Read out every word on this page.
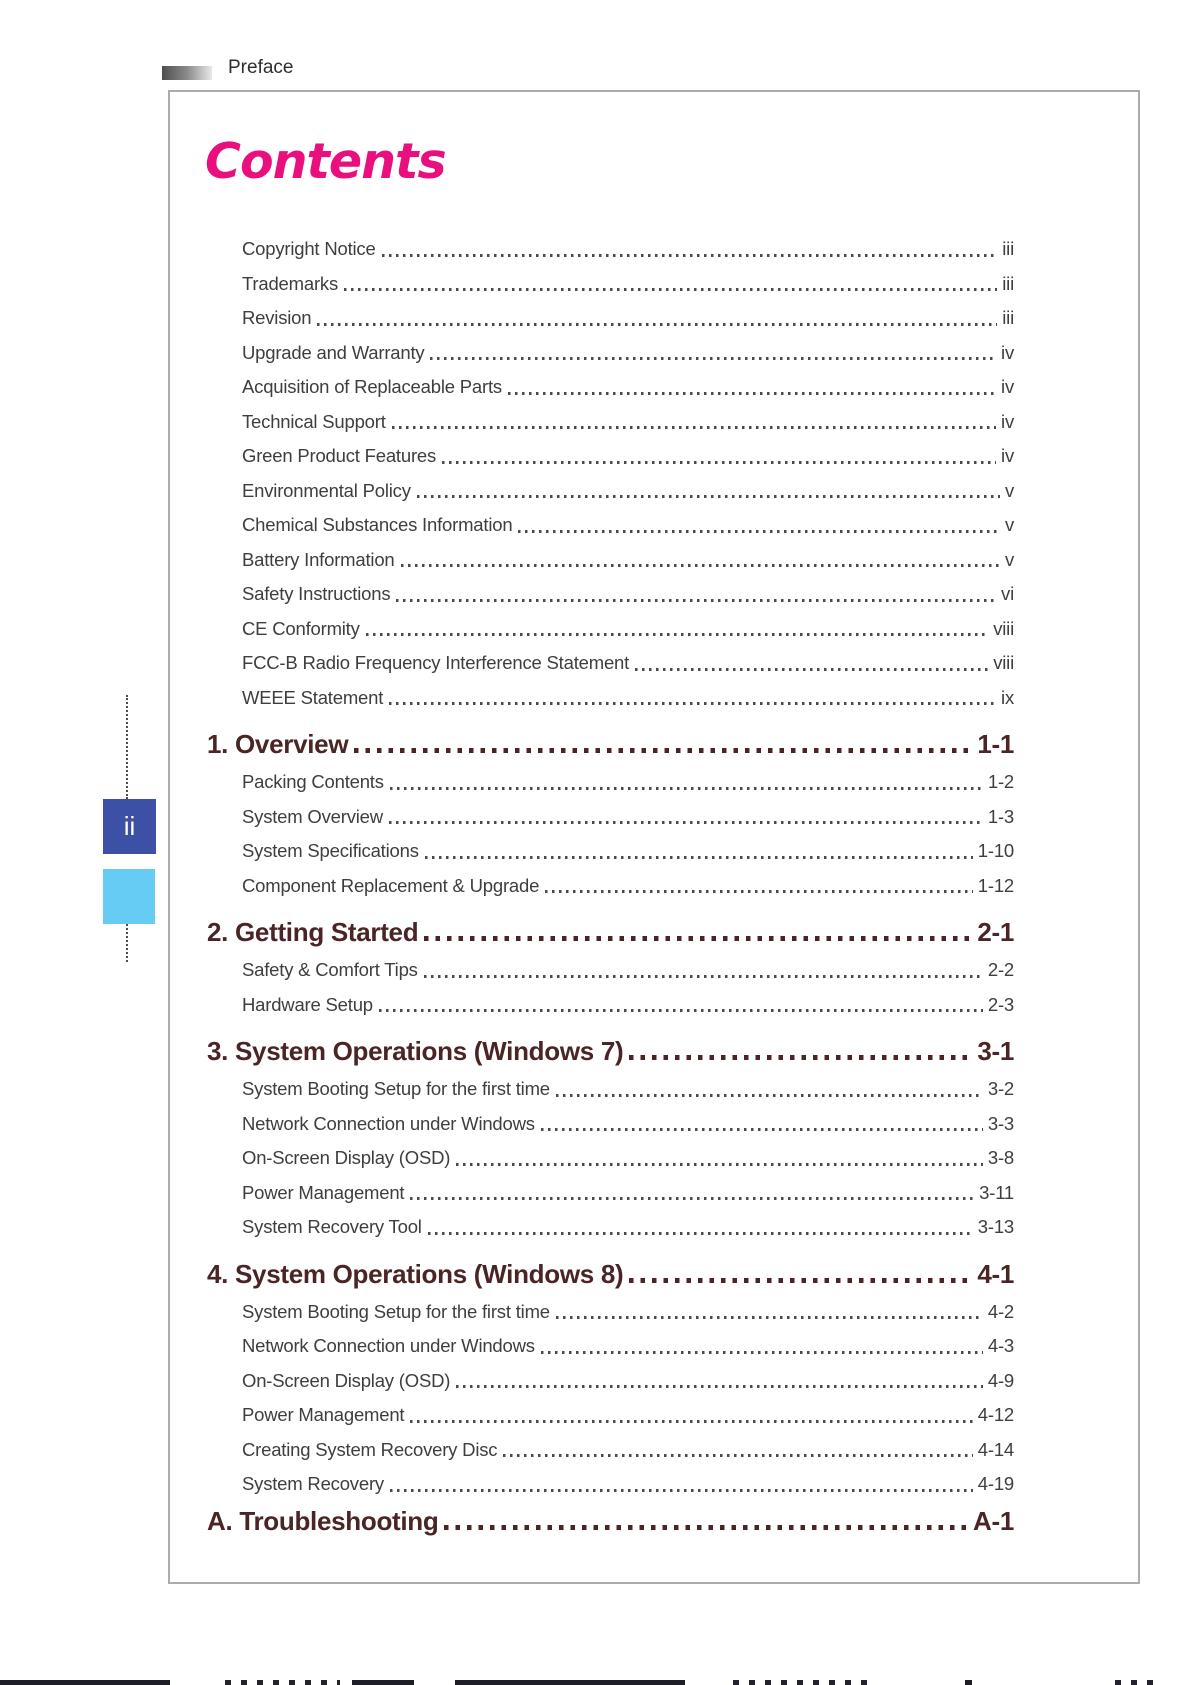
Preface
Contents
Copyright Notice	iii
Trademarks	iii
Revision	iii
Upgrade and Warranty	iv
Acquisition of Replaceable Parts	iv
Technical Support	iv
Green Product Features	iv
Environmental Policy	v
Chemical Substances Information	v
Battery Information	v
Safety Instructions	vi
CE Conformity	viii
FCC-B Radio Frequency Interference Statement	viii
WEEE Statement	ix
1. Overview	1-1
Packing Contents	1-2
System Overview	1-3
System Specifications	1-10
Component Replacement & Upgrade	1-12
2. Getting Started	2-1
Safety & Comfort Tips	2-2
Hardware Setup	2-3
3. System Operations (Windows 7)	3-1
System Booting Setup for the first time	3-2
Network Connection under Windows	3-3
On-Screen Display (OSD)	3-8
Power Management	3-11
System Recovery Tool	3-13
4. System Operations (Windows 8)	4-1
System Booting Setup for the first time	4-2
Network Connection under Windows	4-3
On-Screen Display (OSD)	4-9
Power Management	4-12
Creating System Recovery Disc	4-14
System Recovery	4-19
A. Troubleshooting	A-1
ii
